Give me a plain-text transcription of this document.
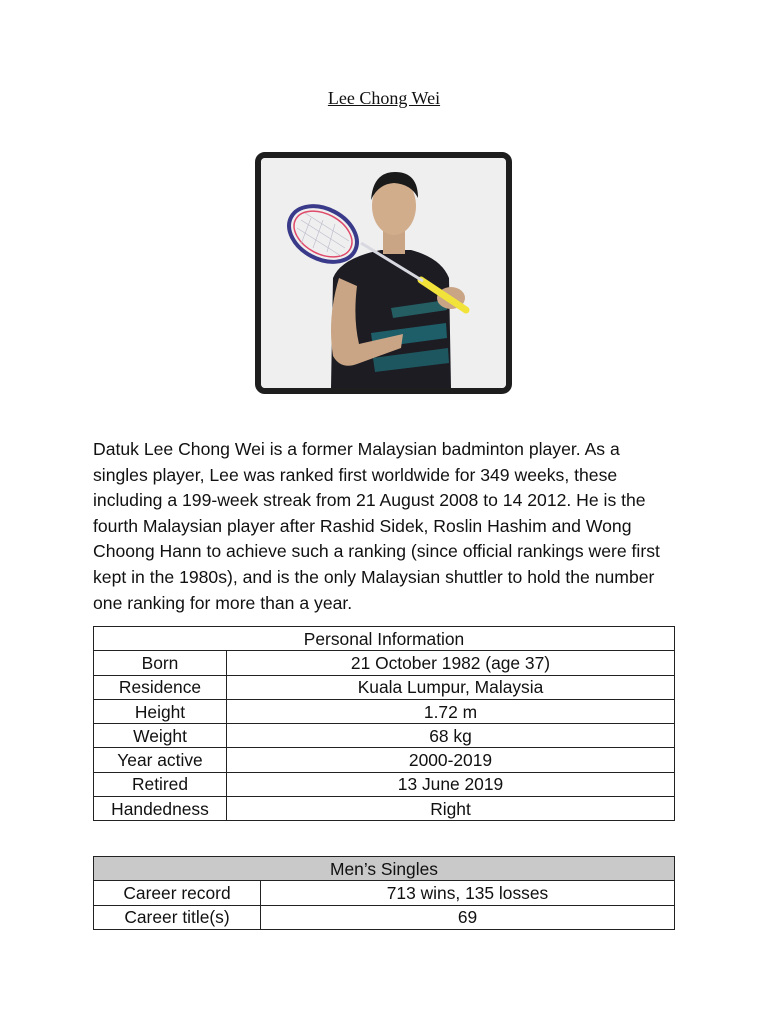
Lee Chong Wei

Datuk Lee Chong Wei is a former Malaysian badminton player. As a singles player, Lee was ranked first worldwide for 349 weeks, these including a 199-week streak from 21 August 2008 to 14 2012. He is the fourth Malaysian player after Rashid Sidek, Roslin Hashim and Wong Choong Hann to achieve such a ranking (since official rankings were first kept in the 1980s), and is the only Malaysian shuttler to hold the number one ranking for more than a year.

Personal Information	
Born	21 October 1982 (age 37)
Residence	Kuala Lumpur, Malaysia
Height	1.72 m
Weight	68 kg
Year active	2000-2019
Retired	13 June 2019
Handedness	Right
Men’s Singles	
Career record	713 wins, 135 losses
Career title(s)	69
